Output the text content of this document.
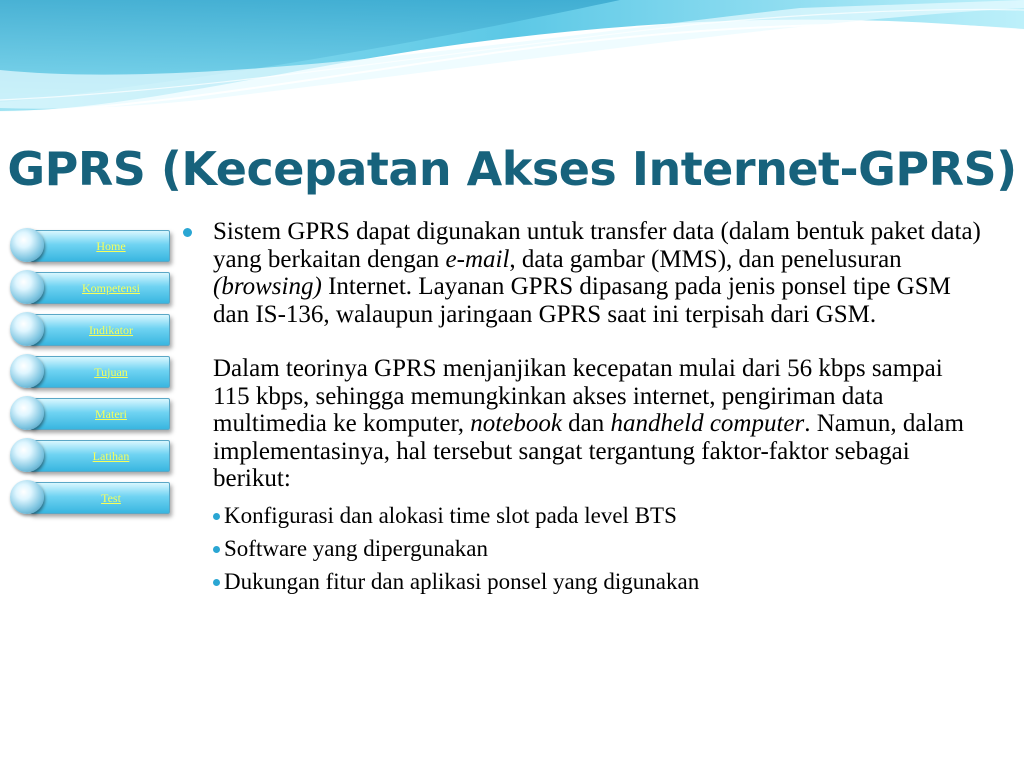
GPRS (Kecepatan Akses Internet-GPRS)
Home
Kompetensi
Indikator
Tujuan
Materi
Latihan
Test
Sistem GPRS dapat digunakan untuk transfer data (dalam bentuk paket data) yang berkaitan dengan e-mail, data gambar (MMS), dan penelusuran (browsing) Internet. Layanan GPRS dipasang pada jenis ponsel tipe GSM dan IS-136, walaupun jaringaan GPRS saat ini terpisah dari GSM.
Dalam teorinya GPRS menjanjikan kecepatan mulai dari 56 kbps sampai 115 kbps, sehingga memungkinkan akses internet, pengiriman data multimedia ke komputer, notebook dan handheld computer. Namun, dalam implementasinya, hal tersebut sangat tergantung faktor-faktor sebagai berikut:
Konfigurasi dan alokasi time slot pada level BTS
Software yang dipergunakan
Dukungan fitur dan aplikasi ponsel yang digunakan
